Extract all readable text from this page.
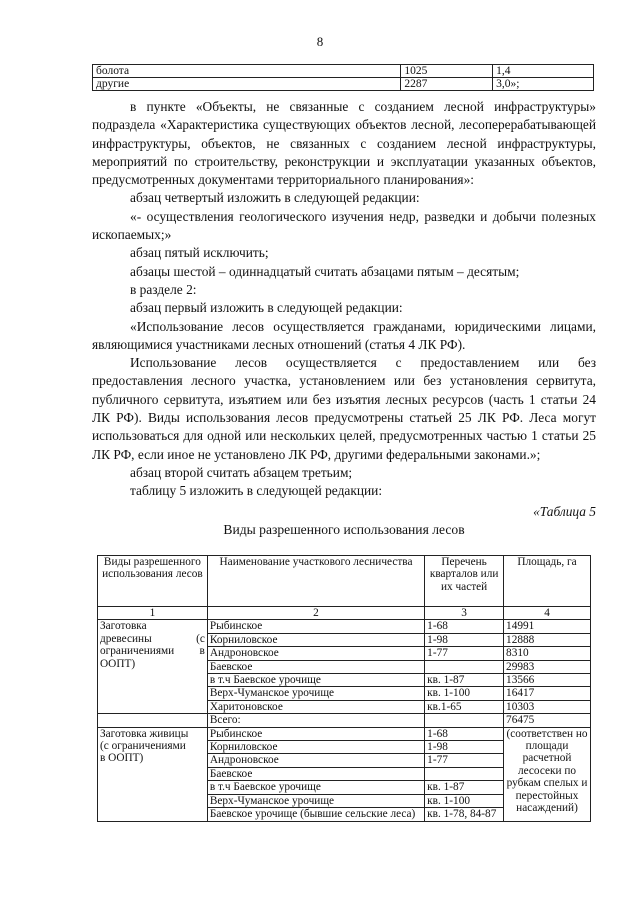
8
болота	1025	1,4
другие	2287	3,0»;

в пункте «Объекты, не связанные с созданием лесной инфраструктуры» подраздела «Характеристика существующих объектов лесной, лесоперерабатывающей инфраструктуры, объектов, не связанных с созданием лесной инфраструктуры, мероприятий по строительству, реконструкции и эксплуатации указанных объектов, предусмотренных документами территориального планирования»:

абзац четвертый изложить в следующей редакции:

«- осуществления геологического изучения недр, разведки и добычи полезных ископаемых;»

абзац пятый исключить;

абзацы шестой – одиннадцатый считать абзацами пятым – десятым;

в разделе 2:

абзац первый изложить в следующей редакции:

«Использование лесов осуществляется гражданами, юридическими лицами, являющимися участниками лесных отношений (статья 4 ЛК РФ).

Использование лесов осуществляется с предоставлением или без предоставления лесного участка, установлением или без установления сервитута, публичного сервитута, изъятием или без изъятия лесных ресурсов (часть 1 статьи 24 ЛК РФ). Виды использования лесов предусмотрены статьей 25 ЛК РФ. Леса могут использоваться для одной или нескольких целей, предусмотренных частью 1 статьи 25 ЛК РФ, если иное не установлено ЛК РФ, другими федеральными законами.»;

абзац второй считать абзацем третьим;

таблицу 5 изложить в следующей редакции:

«Таблица 5

Виды разрешенного использования лесов
Виды разрешенного использования лесов	Наименование участкового лесничества	Перечень кварталов или их частей	Площадь, га
1	2	3	4

Заготовка
древесины (с
ограничениями в
ООПТ)	Рыбинское	1-68	14991
	Корниловское	1-98	12888
	Андроновское	1-77	8310
	Баевское		29983
	в т.ч Баевское урочище	кв. 1-87	13566
	Верх-Чуманское урочище	кв. 1-100	16417
	Харитоновское	кв.1-65	10303
	Всего:		76475

Заготовка живицы
(с ограничениями
в ООПТ)	Рыбинское	1-68	(соответствен но площади расчетной лесосеки по рубкам спелых и перестойных насаждений)
	Корниловское	1-98	
	Андроновское	1-77	
	Баевское		
	в т.ч Баевское урочище	кв. 1-87	
	Верх-Чуманское урочище	кв. 1-100	
	Баевское урочище (бывшие сельские леса)	кв. 1-78, 84-87	
